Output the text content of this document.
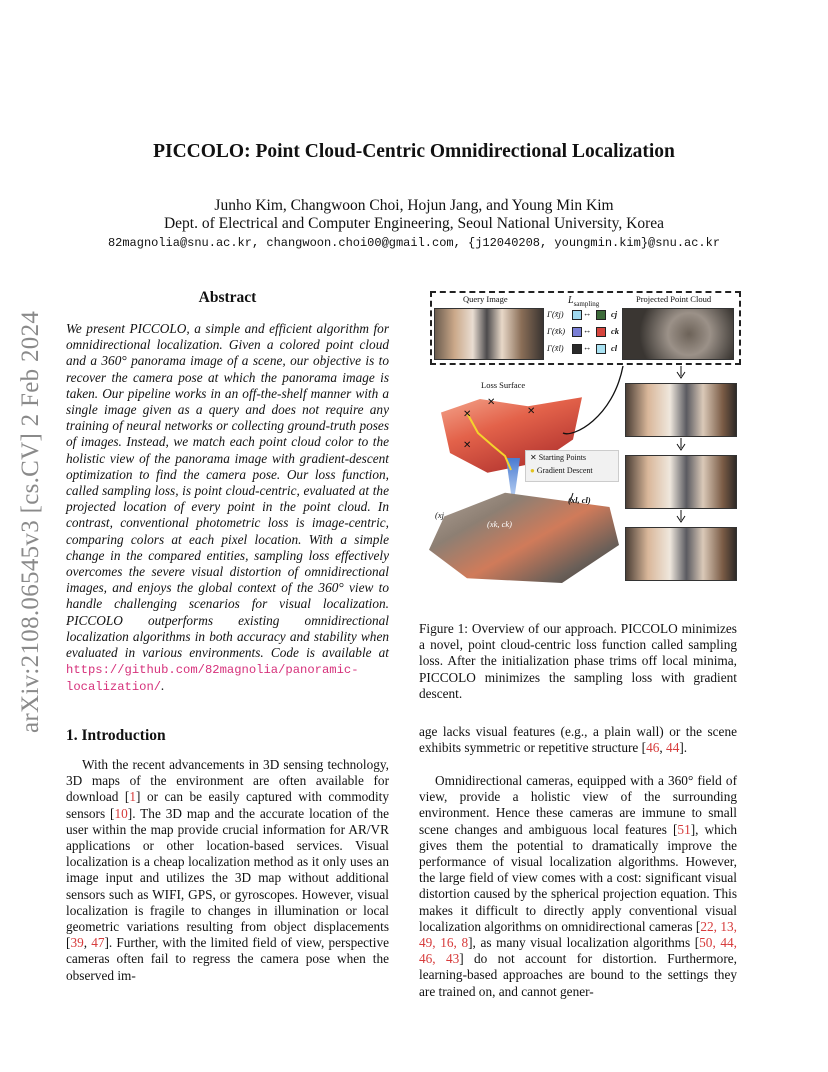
arXiv:2108.06545v3 [cs.CV] 2 Feb 2024
PICCOLO: Point Cloud-Centric Omnidirectional Localization
Junho Kim, Changwoon Choi, Hojun Jang, and Young Min Kim
Dept. of Electrical and Computer Engineering, Seoul National University, Korea
82magnolia@snu.ac.kr, changwoon.choi00@gmail.com, {j12040208, youngmin.kim}@snu.ac.kr
Abstract
We present PICCOLO, a simple and efficient algorithm for omnidirectional localization. Given a colored point cloud and a 360° panorama image of a scene, our objective is to recover the camera pose at which the panorama image is taken. Our pipeline works in an off-the-shelf manner with a single image given as a query and does not require any training of neural networks or collecting ground-truth poses of images. Instead, we match each point cloud color to the holistic view of the panorama image with gradient-descent optimization to find the camera pose. Our loss function, called sampling loss, is point cloud-centric, evaluated at the projected location of every point in the point cloud. In contrast, conventional photometric loss is image-centric, comparing colors at each pixel location. With a simple change in the compared entities, sampling loss effectively overcomes the severe visual distortion of omnidirectional images, and enjoys the global context of the 360° view to handle challenging scenarios for visual localization. PICCOLO outperforms existing omnidirectional localization algorithms in both accuracy and stability when evaluated in various environments. Code is available at https://github.com/82magnolia/panoramic-localization/.
1. Introduction
With the recent advancements in 3D sensing technology, 3D maps of the environment are often available for download [1] or can be easily captured with commodity sensors [10]. The 3D map and the accurate location of the user within the map provide crucial information for AR/VR applications or other location-based services. Visual localization is a cheap localization method as it only uses an image input and utilizes the 3D map without additional sensors such as WIFI, GPS, or gyroscopes. However, visual localization is fragile to changes in illumination or local geometric variations resulting from object displacements [39, 47]. Further, with the limited field of view, perspective cameras often fail to regress the camera pose when the observed im-
Query Image	$L_{sampling}$	Projected Point Cloud
Γ(x̃j) ↔ cj
Γ(x̃k) ↔ ck
Γ(x̃l) ↔ cl
Loss Surface
✕
✕
✕
✕
✕ Starting Points
● Gradient Descent
(xl, cl)
(xj
(xk, ck)
Figure 1: Overview of our approach. PICCOLO minimizes a novel, point cloud-centric loss function called sampling loss. After the initialization phase trims off local minima, PICCOLO minimizes the sampling loss with gradient descent.
age lacks visual features (e.g., a plain wall) or the scene exhibits symmetric or repetitive structure [46, 44].
Omnidirectional cameras, equipped with a 360° field of view, provide a holistic view of the surrounding environment. Hence these cameras are immune to small scene changes and ambiguous local features [51], which gives them the potential to dramatically improve the performance of visual localization algorithms. However, the large field of view comes with a cost: significant visual distortion caused by the spherical projection equation. This makes it difficult to directly apply conventional visual localization algorithms on omnidirectional cameras [22, 13, 49, 16, 8], as many visual localization algorithms [50, 44, 46, 43] do not account for distortion. Furthermore, learning-based approaches are bound to the settings they are trained on, and cannot gener-
